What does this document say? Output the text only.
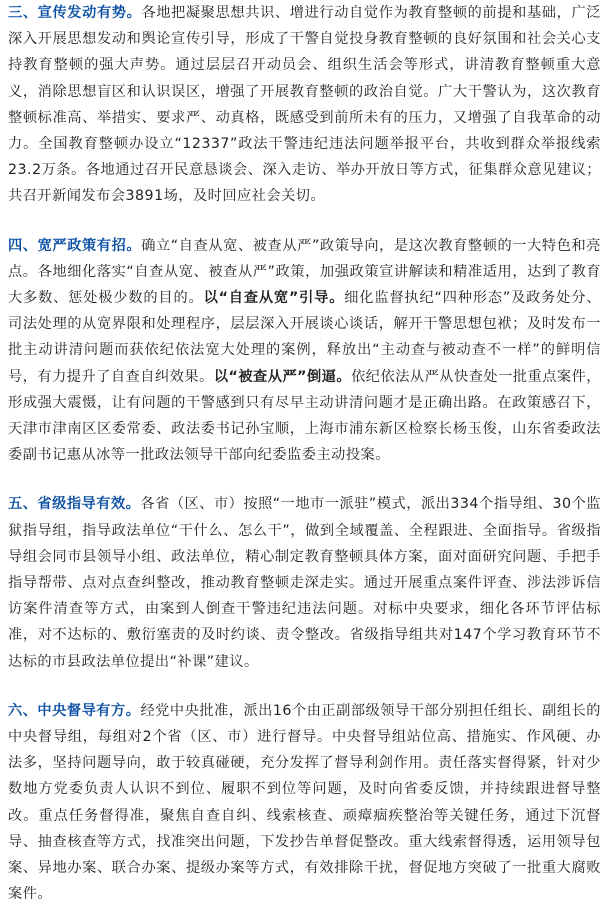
三、宣传发动有势。各地把凝聚思想共识、增进行动自觉作为教育整顿的前提和基础，广泛深入开展思想发动和舆论宣传引导，形成了干警自觉投身教育整顿的良好氛围和社会关心支持教育整顿的强大声势。通过层层召开动员会、组织生活会等形式，讲清教育整顿重大意义，消除思想盲区和认识误区，增强了开展教育整顿的政治自觉。广大干警认为，这次教育整顿标准高、举措实、要求严、动真格，既感受到前所未有的压力，又增强了自我革命的动力。全国教育整顿办设立“12337”政法干警违纪违法问题举报平台，共收到群众举报线索23.2万条。各地通过召开民意恳谈会、深入走访、举办开放日等方式，征集群众意见建议；共召开新闻发布会3891场，及时回应社会关切。

四、宽严政策有招。确立“自查从宽、被查从严”政策导向，是这次教育整顿的一大特色和亮点。各地细化落实“自查从宽、被查从严”政策，加强政策宣讲解读和精准适用，达到了教育大多数、惩处极少数的目的。以“自查从宽”引导。细化监督执纪“四种形态”及政务处分、司法处理的从宽界限和处理程序，层层深入开展谈心谈话，解开干警思想包袱；及时发布一批主动讲清问题而获依纪依法宽大处理的案例，释放出“主动查与被动查不一样”的鲜明信号，有力提升了自查自纠效果。以“被查从严”倒逼。依纪依法从严从快查处一批重点案件，形成强大震慑，让有问题的干警感到只有尽早主动讲清问题才是正确出路。在政策感召下，天津市津南区区委常委、政法委书记孙宝顺，上海市浦东新区检察长杨玉俊，山东省委政法委副书记惠从冰等一批政法领导干部向纪委监委主动投案。

五、省级指导有效。各省（区、市）按照“一地市一派驻”模式，派出334个指导组、30个监狱指导组，指导政法单位“干什么、怎么干”，做到全域覆盖、全程跟进、全面指导。省级指导组会同市县领导小组、政法单位，精心制定教育整顿具体方案，面对面研究问题、手把手指导帮带、点对点查纠整改，推动教育整顿走深走实。通过开展重点案件评查、涉法涉诉信访案件清查等方式，由案到人倒查干警违纪违法问题。对标中央要求，细化各环节评估标准，对不达标的、敷衍塞责的及时约谈、责令整改。省级指导组共对147个学习教育环节不达标的市县政法单位提出“补课”建议。

六、中央督导有方。经党中央批准，派出16个由正副部级领导干部分别担任组长、副组长的中央督导组，每组对2个省（区、市）进行督导。中央督导组站位高、措施实、作风硬、办法多，坚持问题导向，敢于较真碰硬，充分发挥了督导利剑作用。责任落实督得紧，针对少数地方党委负责人认识不到位、履职不到位等问题，及时向省委反馈，并持续跟进督导整改。重点任务督得准，聚焦自查自纠、线索核查、顽瘴痼疾整治等关键任务，通过下沉督导、抽查核查等方式，找准突出问题，下发抄告单督促整改。重大线索督得透，运用领导包案、异地办案、联合办案、提级办案等方式，有效排除干扰，督促地方突破了一批重大腐败案件。
